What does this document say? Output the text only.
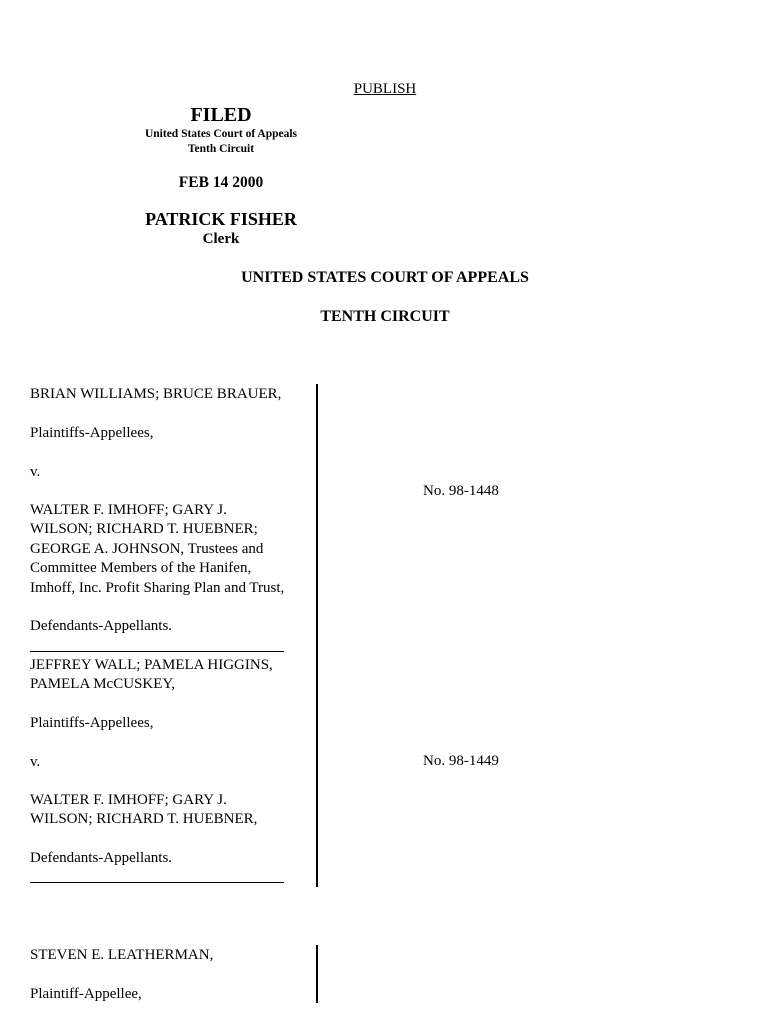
PUBLISH
FILED
United States Court of Appeals
Tenth Circuit
FEB 14 2000
PATRICK FISHER
Clerk
UNITED STATES COURT OF APPEALS
TENTH CIRCUIT
BRIAN WILLIAMS; BRUCE BRAUER,
Plaintiffs-Appellees,
v.
WALTER F. IMHOFF; GARY J.
WILSON; RICHARD T. HUEBNER;
GEORGE A. JOHNSON, Trustees and
Committee Members of the Hanifen,
Imhoff, Inc. Profit Sharing Plan and Trust,
Defendants-Appellants.
No. 98-1448
JEFFREY WALL; PAMELA HIGGINS,
PAMELA McCUSKEY,
Plaintiffs-Appellees,
v.
WALTER F. IMHOFF; GARY J.
WILSON; RICHARD T. HUEBNER,
Defendants-Appellants.
No. 98-1449
STEVEN E. LEATHERMAN,
Plaintiff-Appellee,
